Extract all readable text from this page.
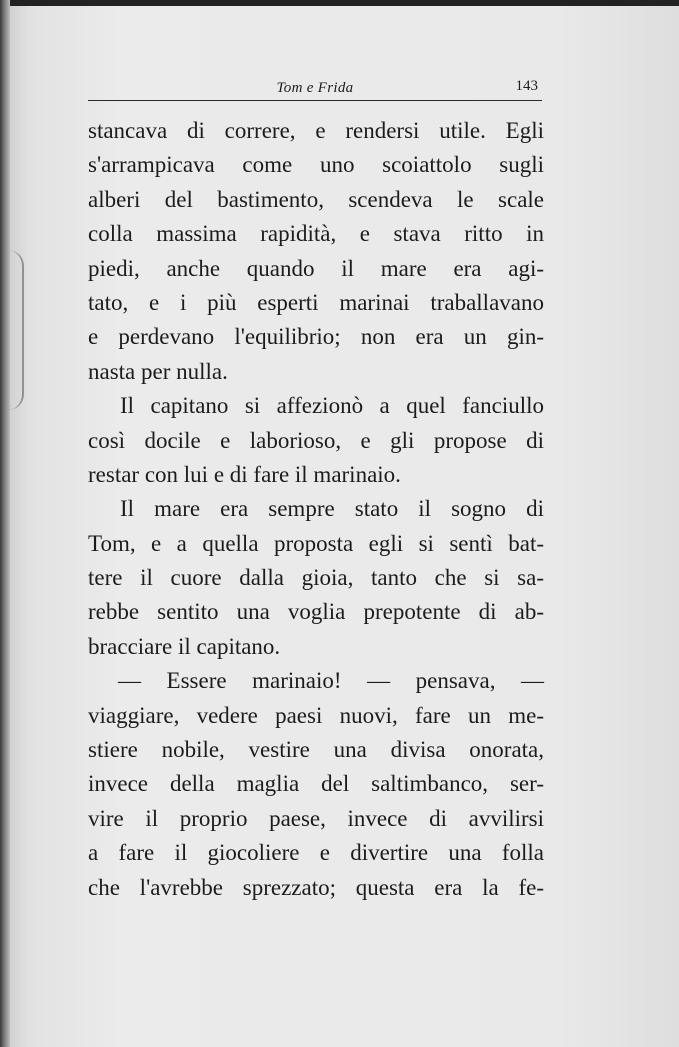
Tom e Frida	143
stancava di correre, e rendersi utile. Egli
s'arrampicava come uno scoiattolo sugli
alberi del bastimento, scendeva le scale
colla massima rapidità, e stava ritto in
piedi, anche quando il mare era agi-
tato, e i più esperti marinai traballavano
e perdevano l'equilibrio; non era un gin-
nasta per nulla.
Il capitano si affezionò a quel fanciullo
così docile e laborioso, e gli propose di
restar con lui e di fare il marinaio.
Il mare era sempre stato il sogno di
Tom, e a quella proposta egli si sentì bat-
tere il cuore dalla gioia, tanto che si sa-
rebbe sentito una voglia prepotente di ab-
bracciare il capitano.
— Essere marinaio! — pensava, —
viaggiare, vedere paesi nuovi, fare un me-
stiere nobile, vestire una divisa onorata,
invece della maglia del saltimbanco, ser-
vire il proprio paese, invece di avvilirsi
a fare il giocoliere e divertire una folla
che l'avrebbe sprezzato; questa era la fe-
